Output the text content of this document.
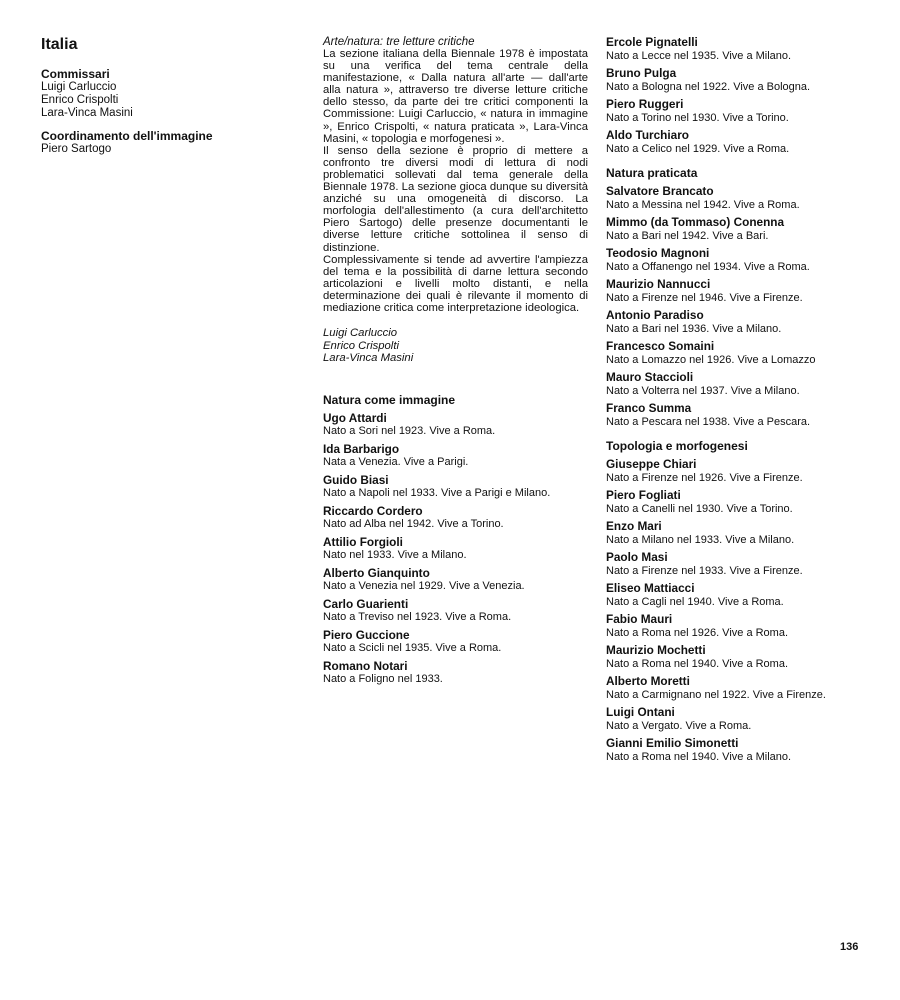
Italia
Commissari
Luigi Carluccio
Enrico Crispolti
Lara-Vinca Masini
Coordinamento dell'immagine
Piero Sartogo
Arte/natura: tre letture critiche

La sezione italiana della Biennale 1978 è impostata su una verifica del tema centrale della manifestazione, « Dalla natura all'arte — dall'arte alla natura », attraverso tre diverse letture critiche dello stesso, da parte dei tre critici componenti la Commissione: Luigi Carluccio, « natura in immagine », Enrico Crispolti, « natura praticata », Lara-Vinca Masini, « topologia e morfogenesi ».

Il senso della sezione è proprio di mettere a confronto tre diversi modi di lettura di nodi problematici sollevati dal tema generale della Biennale 1978. La sezione gioca dunque su diversità anziché su una omogeneità di discorso. La morfologia dell'allestimento (a cura dell'architetto Piero Sartogo) delle presenze documentanti le diverse letture critiche sottolinea il senso di distinzione.

Complessivamente si tende ad avvertire l'ampiezza del tema e la possibilità di darne lettura secondo articolazioni e livelli molto distanti, e nella determinazione dei quali è rilevante il momento di mediazione critica come interpretazione ideologica.

Luigi Carluccio
Enrico Crispolti
Lara-Vinca Masini
Natura come immagine
Ugo Attardi
Nato a Sori nel 1923. Vive a Roma.
Ida Barbarigo
Nata a Venezia. Vive a Parigi.
Guido Biasi
Nato a Napoli nel 1933. Vive a Parigi e Milano.
Riccardo Cordero
Nato ad Alba nel 1942. Vive a Torino.
Attilio Forgioli
Nato nel 1933. Vive a Milano.
Alberto Gianquinto
Nato a Venezia nel 1929. Vive a Venezia.
Carlo Guarienti
Nato a Treviso nel 1923. Vive a Roma.
Piero Guccione
Nato a Scicli nel 1935. Vive a Roma.
Romano Notari
Nato a Foligno nel 1933.
Ercole Pignatelli
Nato a Lecce nel 1935. Vive a Milano.
Bruno Pulga
Nato a Bologna nel 1922. Vive a Bologna.
Piero Ruggeri
Nato a Torino nel 1930. Vive a Torino.
Aldo Turchiaro
Nato a Celico nel 1929. Vive a Roma.
Natura praticata
Salvatore Brancato
Nato a Messina nel 1942. Vive a Roma.
Mimmo (da Tommaso) Conenna
Nato a Bari nel 1942. Vive a Bari.
Teodosio Magnoni
Nato a Offanengo nel 1934. Vive a Roma.
Maurizio Nannucci
Nato a Firenze nel 1946. Vive a Firenze.
Antonio Paradiso
Nato a Bari nel 1936. Vive a Milano.
Francesco Somaini
Nato a Lomazzo nel 1926. Vive a Lomazzo
Mauro Staccioli
Nato a Volterra nel 1937. Vive a Milano.
Franco Summa
Nato a Pescara nel 1938. Vive a Pescara.
Topologia e morfogenesi
Giuseppe Chiari
Nato a Firenze nel 1926. Vive a Firenze.
Piero Fogliati
Nato a Canelli nel 1930. Vive a Torino.
Enzo Mari
Nato a Milano nel 1933. Vive a Milano.
Paolo Masi
Nato a Firenze nel 1933. Vive a Firenze.
Eliseo Mattiacci
Nato a Cagli nel 1940. Vive a Roma.
Fabio Mauri
Nato a Roma nel 1926. Vive a Roma.
Maurizio Mochetti
Nato a Roma nel 1940. Vive a Roma.
Alberto Moretti
Nato a Carmignano nel 1922. Vive a Firenze.
Luigi Ontani
Nato a Vergato. Vive a Roma.
Gianni Emilio Simonetti
Nato a Roma nel 1940. Vive a Milano.
136
